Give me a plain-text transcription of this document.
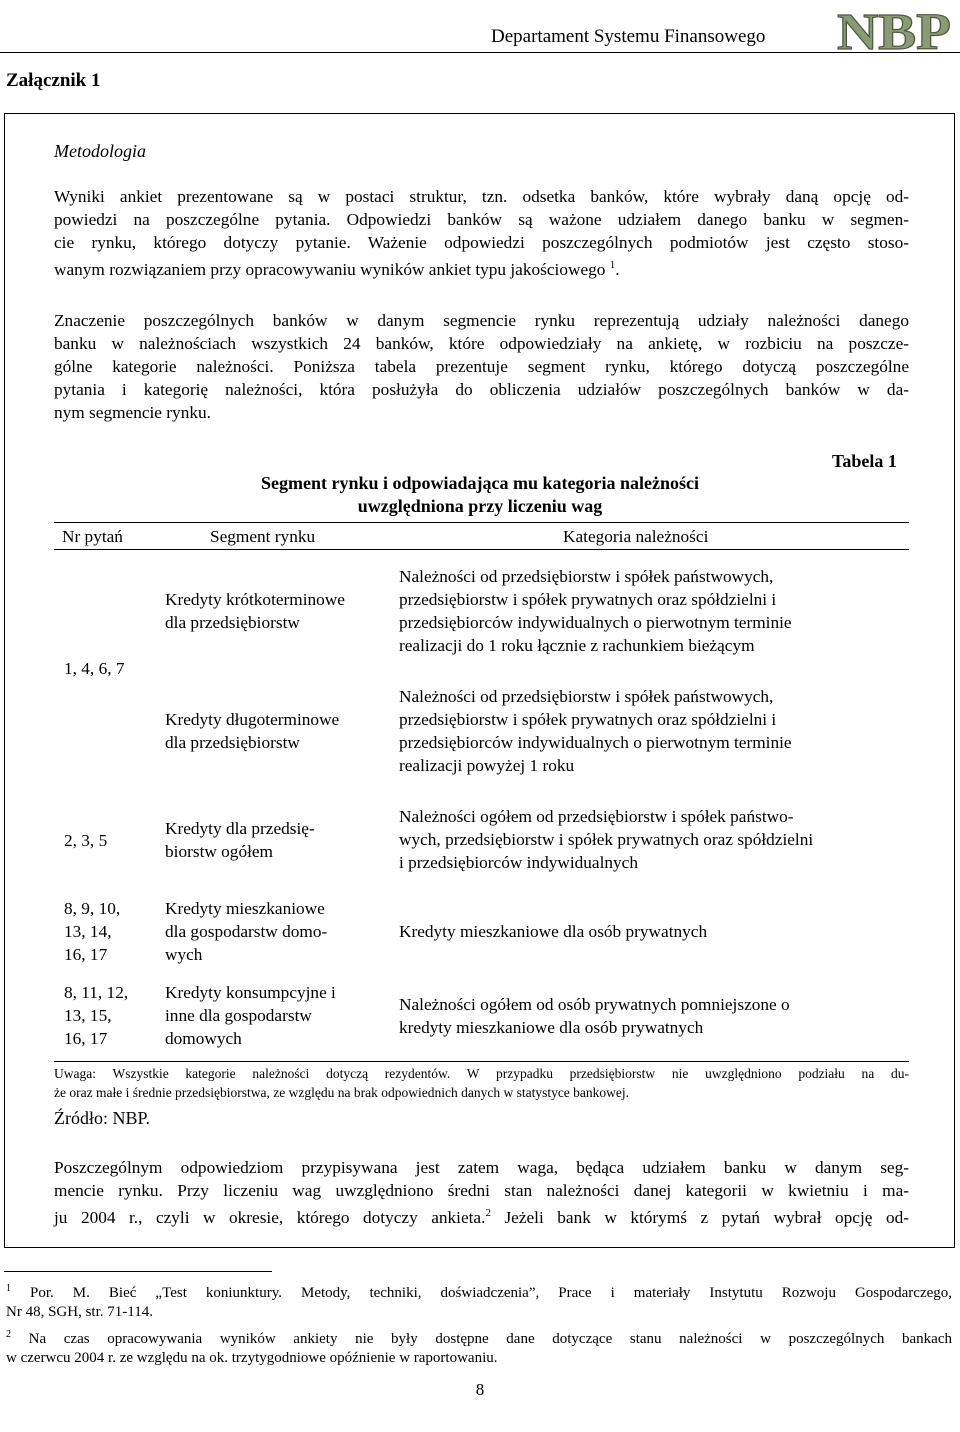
Departament Systemu Finansowego NBP
Załącznik 1
Metodologia
Wyniki ankiet prezentowane są w postaci struktur, tzn. odsetka banków, które wybrały daną opcję od-
powiedzi na poszczególne pytania. Odpowiedzi banków są ważone udziałem danego banku w segmen-
cie rynku, którego dotyczy pytanie. Ważenie odpowiedzi poszczególnych podmiotów jest często stoso-
wanym rozwiązaniem przy opracowywaniu wyników ankiet typu jakościowego $^1$.
Znaczenie poszczególnych banków w danym segmencie rynku reprezentują udziały należności danego
banku w należnościach wszystkich 24 banków, które odpowiedziały na ankietę, w rozbiciu na poszcze-
gólne kategorie należności. Poniższa tabela prezentuje segment rynku, którego dotyczą poszczególne
pytania i kategorię należności, która posłużyła do obliczenia udziałów poszczególnych banków w da-
nym segmencie rynku.
Tabela 1
Segment rynku i odpowiadająca mu kategoria należności
uwzględniona przy liczeniu wag
Nr pytań	Segment rynku	Kategoria należności
1, 4, 6, 7
Kredyty krótkoterminowe
dla przedsiębiorstw
Należności od przedsiębiorstw i spółek państwowych,
przedsiębiorstw i spółek prywatnych oraz spółdzielni i
przedsiębiorców indywidualnych o pierwotnym terminie
realizacji do 1 roku łącznie z rachunkiem bieżącym
Kredyty długoterminowe
dla przedsiębiorstw
Należności od przedsiębiorstw i spółek państwowych,
przedsiębiorstw i spółek prywatnych oraz spółdzielni i
przedsiębiorców indywidualnych o pierwotnym terminie
realizacji powyżej 1 roku
2, 3, 5
Kredyty dla przedsię-
biorstw ogółem
Należności ogółem od przedsiębiorstw i spółek państwo-
wych, przedsiębiorstw i spółek prywatnych oraz spółdzielni
i przedsiębiorców indywidualnych
8, 9, 10,
13, 14,
16, 17
Kredyty mieszkaniowe
dla gospodarstw domo-
wych
Kredyty mieszkaniowe dla osób prywatnych
8, 11, 12,
13, 15,
16, 17
Kredyty konsumpcyjne i
inne dla gospodarstw
domowych
Należności ogółem od osób prywatnych pomniejszone o
kredyty mieszkaniowe dla osób prywatnych
Uwaga: Wszystkie kategorie należności dotyczą rezydentów. W przypadku przedsiębiorstw nie uwzględniono podziału na du-
że oraz małe i średnie przedsiębiorstwa, ze względu na brak odpowiednich danych w statystyce bankowej.
Źródło: NBP.
Poszczególnym odpowiedziom przypisywana jest zatem waga, będąca udziałem banku w danym seg-
mencie rynku. Przy liczeniu wag uwzględniono średni stan należności danej kategorii w kwietniu i ma-
ju 2004 r., czyli w okresie, którego dotyczy ankieta.$^2$ Jeżeli bank w którymś z pytań wybrał opcję od-
$^1$ Por. M. Bieć „Test koniunktury. Metody, techniki, doświadczenia”, Prace i materiały Instytutu Rozwoju Gospodarczego,
Nr 48, SGH, str. 71-114.
$^2$ Na czas opracowywania wyników ankiety nie były dostępne dane dotyczące stanu należności w poszczególnych bankach
w czerwcu 2004 r. ze względu na ok. trzytygodniowe opóźnienie w raportowaniu.
8
